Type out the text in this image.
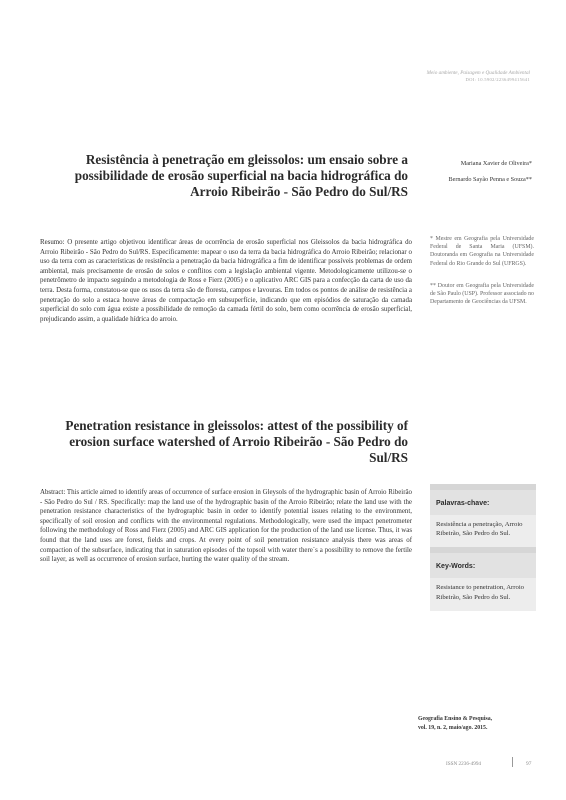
Meio ambiente, Paisagem e Qualidade Ambiental
DOI: 10.5902/2236499415641
Resistência à penetração em gleissolos: um ensaio sobre a possibilidade de erosão superficial na bacia hidrográfica do Arroio Ribeirão - São Pedro do Sul/RS
Mariana Xavier de Oliveira*
Bernardo Sayão Penna e Souza**
Resumo: O presente artigo objetivou identificar áreas de ocorrência de erosão superficial nos Gleissolos da bacia hidrográfica do Arroio Ribeirão - São Pedro do Sul/RS. Especificamente: mapear o uso da terra da bacia hidrográfica do Arroio Ribeirão; relacionar o uso da terra com as características de resistência a penetração da bacia hidrográfica a fim de identificar possíveis problemas de ordem ambiental, mais precisamente de erosão de solos e conflitos com a legislação ambiental vigente. Metodologicamente utilizou-se o penetrômetro de impacto seguindo a metodologia de Ross e Fierz (2005) e o aplicativo ARC GIS para a confecção da carta de uso da terra. Desta forma, constatou-se que os usos da terra são de floresta, campos e lavouras. Em todos os pontos de análise de resistência a penetração do solo a estaca houve áreas de compactação em subsuperfície, indicando que em episódios de saturação da camada superficial do solo com água existe a possibilidade de remoção da camada fértil do solo, bem como ocorrência de erosão superficial, prejudicando assim, a qualidade hídrica do arroio.
* Mestre em Geografia pela Universidade Federal de Santa Maria (UFSM). Doutoranda em Geografia na Universidade Federal do Rio Grande do Sul (UFRGS).
** Doutor em Geografia pela Universidade de São Paulo (USP). Professor associado no Departamento de Geociências da UFSM.
Penetration resistance in gleissolos: attest of the possibility of erosion surface watershed of Arroio Ribeirão - São Pedro do Sul/RS
Abstract: This article aimed to identify areas of occurrence of surface erosion in Gleysols of the hydrographic basin of Arroio Ribeirão - São Pedro do Sul / RS. Specifically: map the land use of the hydrographic basin of the Arroio Ribeirão; relate the land use with the penetration resistance characteristics of the hydrographic basin in order to identify potential issues relating to the environment, specifically of soil erosion and conflicts with the environmental regulations. Methodologically, were used the impact penetrometer following the methodology of Ross and Fierz (2005) and ARC GIS application for the production of the land use license. Thus, it was found that the land uses are forest, fields and crops. At every point of soil penetration resistance analysis there was areas of compaction of the subsurface, indicating that in saturation episodes of the topsoil with water there´s a possibility to remove the fertile soil layer, as well as occurrence of erosion surface, hurting the water quality of the stream.
Palavras-chave:
Resistência a penetração, Arroio Ribeirão, São Pedro do Sul.
Key-Words:
Resistance to penetration, Arroio Ribeirão, São Pedro do Sul.
Geografia Ensino & Pesquisa,
vol. 19, n. 2, maio/ago. 2015.
ISSN 2236-4994	97
